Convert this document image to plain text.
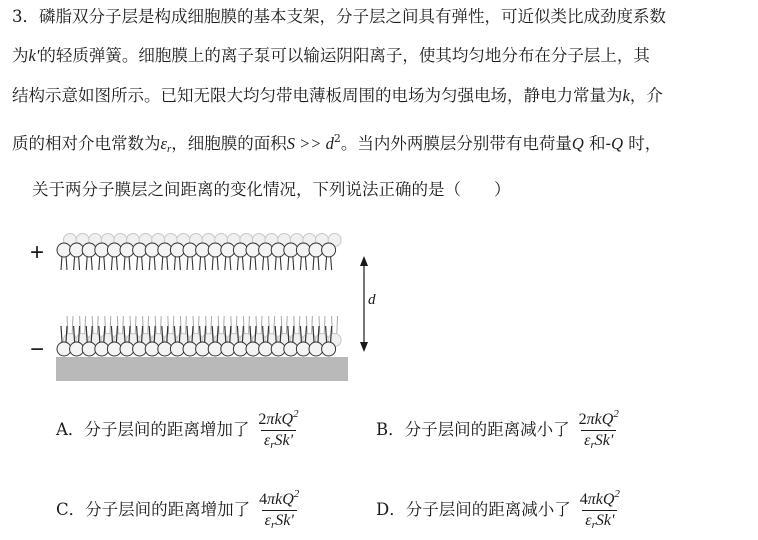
3．磷脂双分子层是构成细胞膜的基本支架，分子层之间具有弹性，可近似类比成劲度系数
为k'的轻质弹簧。细胞膜上的离子泵可以输运阴阳离子，使其均匀地分布在分子层上，其
结构示意如图所示。已知无限大均匀带电薄板周围的电场为匀强电场，静电力常量为k，介
质的相对介电常数为$\varepsilon_r$，细胞膜的面积$S >> d^2$。当内外两膜层分别带有电荷量Q 和-Q 时，
关于两分子膜层之间距离的变化情况，下列说法正确的是（　　）
+
−
d
A．分子层间的距离增加了 $\frac{2\pi kQ^2}{\varepsilon_rSk'}$	B．分子层间的距离减小了 $\frac{2\pi kQ^2}{\varepsilon_rSk'}$
C．分子层间的距离增加了 $\frac{4\pi kQ^2}{\varepsilon_rSk'}$	D．分子层间的距离减小了 $\frac{4\pi kQ^2}{\varepsilon_rSk'}$
